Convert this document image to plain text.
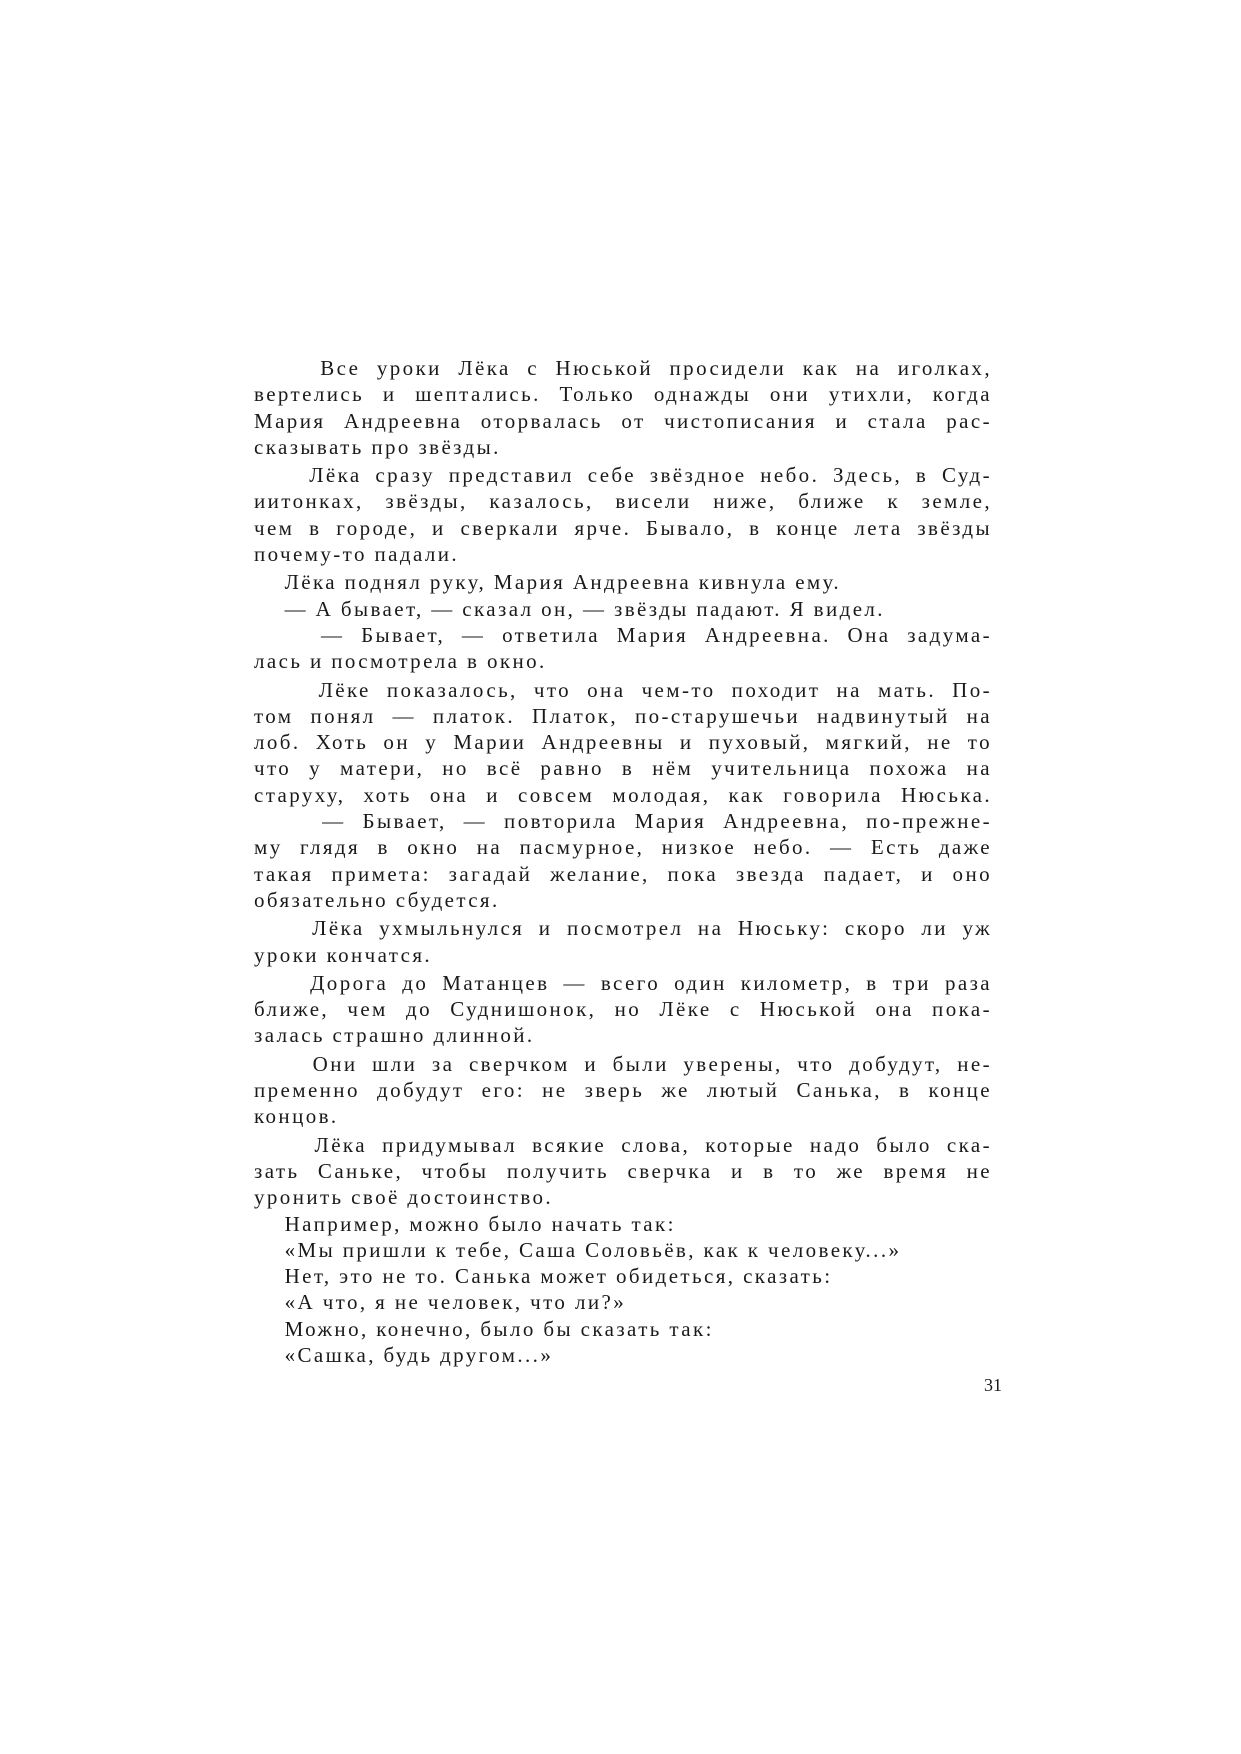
Все уроки Лёка с Нюськой просидели как на иголках,
вертелись и шептались. Только однажды они утихли, когда
Мария Андреевна оторвалась от чистописания и стала рас-
сказывать про звёзды.
Лёка сразу представил себе звёздное небо. Здесь, в Суд-
иитонках, звёзды, казалось, висели ниже, ближе к земле,
чем в городе, и сверкали ярче. Бывало, в конце лета звёзды
почему-то падали.
Лёка поднял руку, Мария Андреевна кивнула ему.
— А бывает, — сказал он, — звёзды падают. Я видел.
— Бывает, — ответила Мария Андреевна. Она задума-
лась и посмотрела в окно.
Лёке показалось, что она чем-то походит на мать. По-
том понял — платок. Платок, по-старушечьи надвинутый на
лоб. Хоть он у Марии Андреевны и пуховый, мягкий, не то
что у матери, но всё равно в нём учительница похожа на
старуху, хоть она и совсем молодая, как говорила Нюська.
— Бывает, — повторила Мария Андреевна, по-прежне-
му глядя в окно на пасмурное, низкое небо. — Есть даже
такая примета: загадай желание, пока звезда падает, и оно
обязательно сбудется.
Лёка ухмыльнулся и посмотрел на Нюську: скоро ли уж
уроки кончатся.
Дорога до Матанцев — всего один километр, в три раза
ближе, чем до Суднишонок, но Лёке с Нюськой она пока-
залась страшно длинной.
Они шли за сверчком и были уверены, что добудут, не-
пременно добудут его: не зверь же лютый Санька, в конце
концов.
Лёка придумывал всякие слова, которые надо было ска-
зать Саньке, чтобы получить сверчка и в то же время не
уронить своё достоинство.
Например, можно было начать так:
«Мы пришли к тебе, Саша Соловьёв, как к человеку...»
Нет, это не то. Санька может обидеться, сказать:
«А что, я не человек, что ли?»
Можно, конечно, было бы сказать так:
«Сашка, будь другом...»
31
